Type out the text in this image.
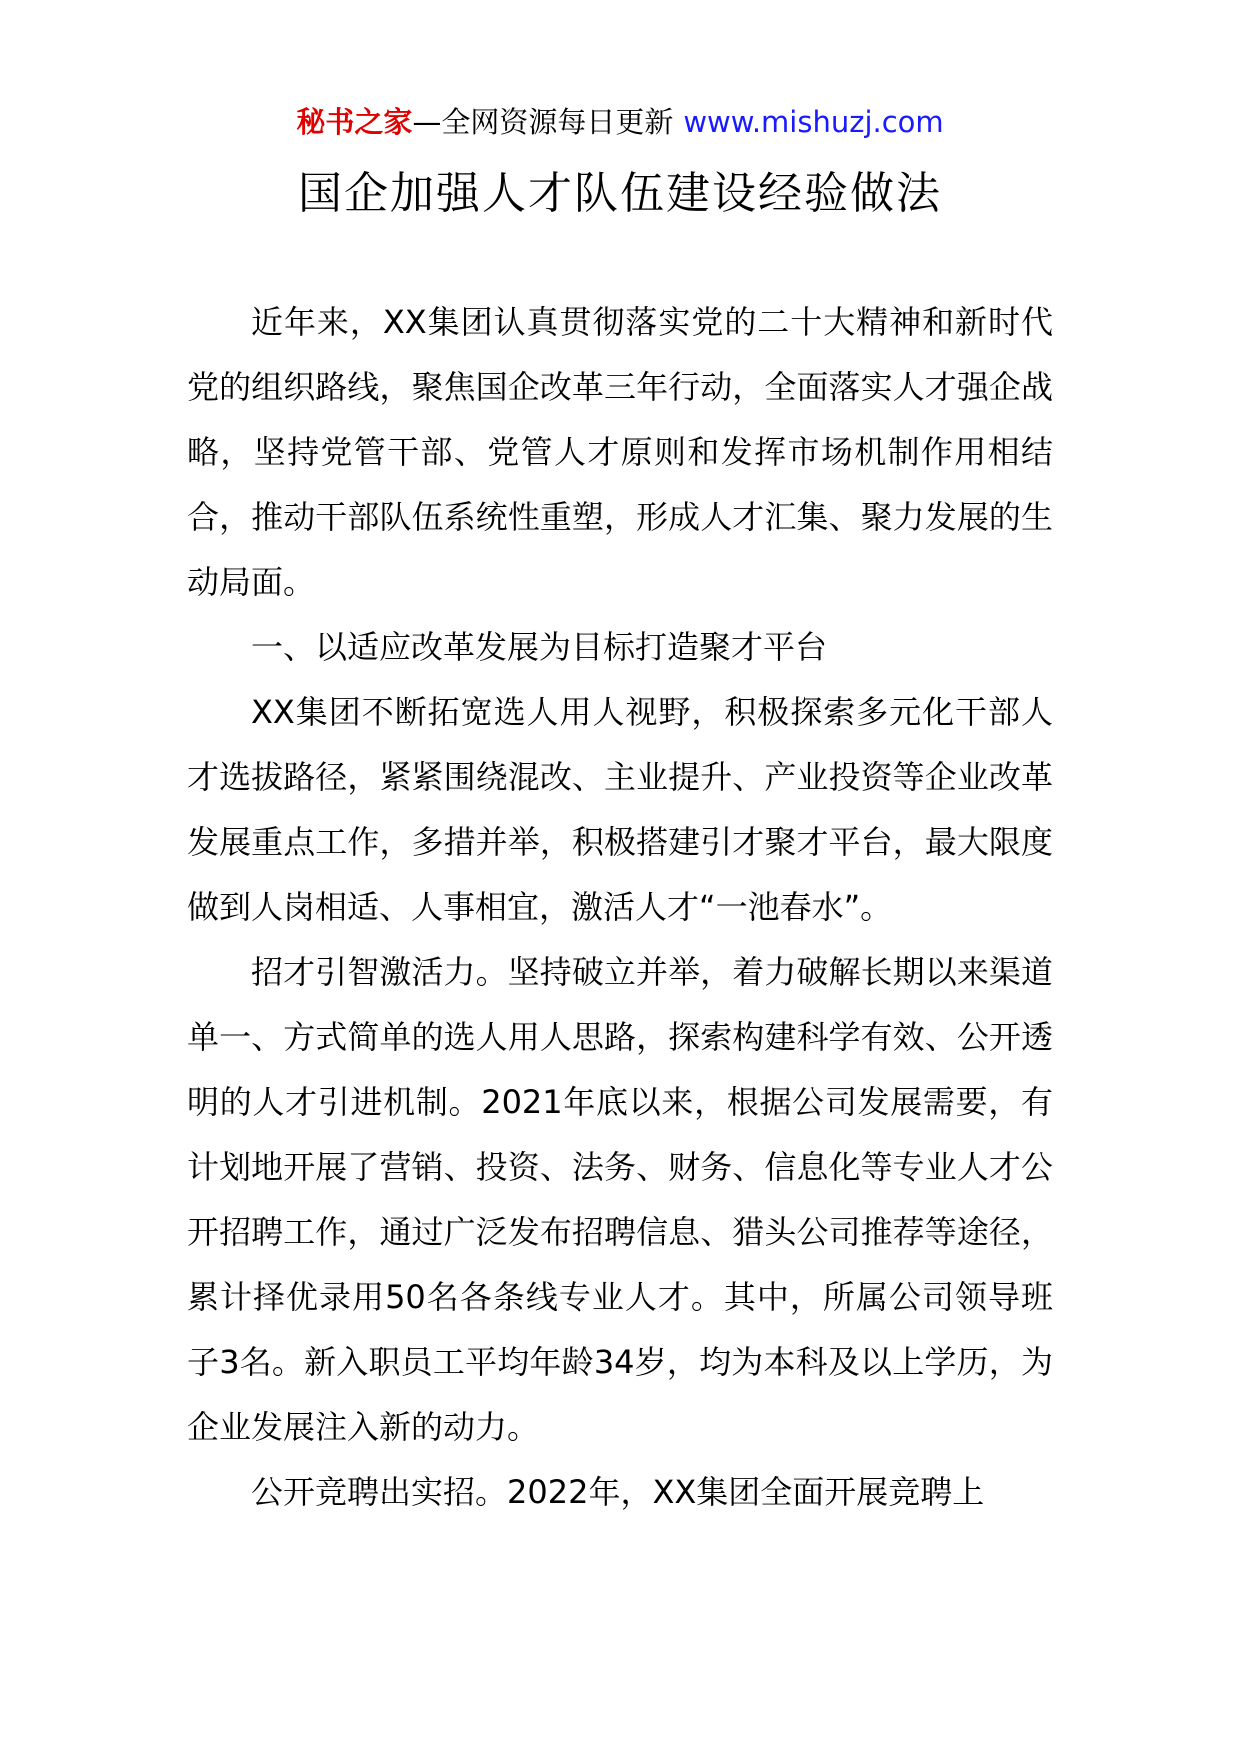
秘书之家—全网资源每日更新 www.mishuzj.com
国企加强人才队伍建设经验做法

近年来，XX集团认真贯彻落实党的二十大精神和新时代党的组织路线，聚焦国企改革三年行动，全面落实人才强企战略，坚持党管干部、党管人才原则和发挥市场机制作用相结合，推动干部队伍系统性重塑，形成人才汇集、聚力发展的生动局面。

一、以适应改革发展为目标打造聚才平台

XX集团不断拓宽选人用人视野，积极探索多元化干部人才选拔路径，紧紧围绕混改、主业提升、产业投资等企业改革发展重点工作，多措并举，积极搭建引才聚才平台，最大限度做到人岗相适、人事相宜，激活人才“一池春水”。

招才引智激活力。坚持破立并举，着力破解长期以来渠道单一、方式简单的选人用人思路，探索构建科学有效、公开透明的人才引进机制。2021年底以来，根据公司发展需要，有计划地开展了营销、投资、法务、财务、信息化等专业人才公开招聘工作，通过广泛发布招聘信息、猎头公司推荐等途径，累计择优录用50名各条线专业人才。其中，所属公司领导班子3名。新入职员工平均年龄34岁，均为本科及以上学历，为企业发展注入新的动力。

公开竞聘出实招。2022年，XX集团全面开展竞聘上
